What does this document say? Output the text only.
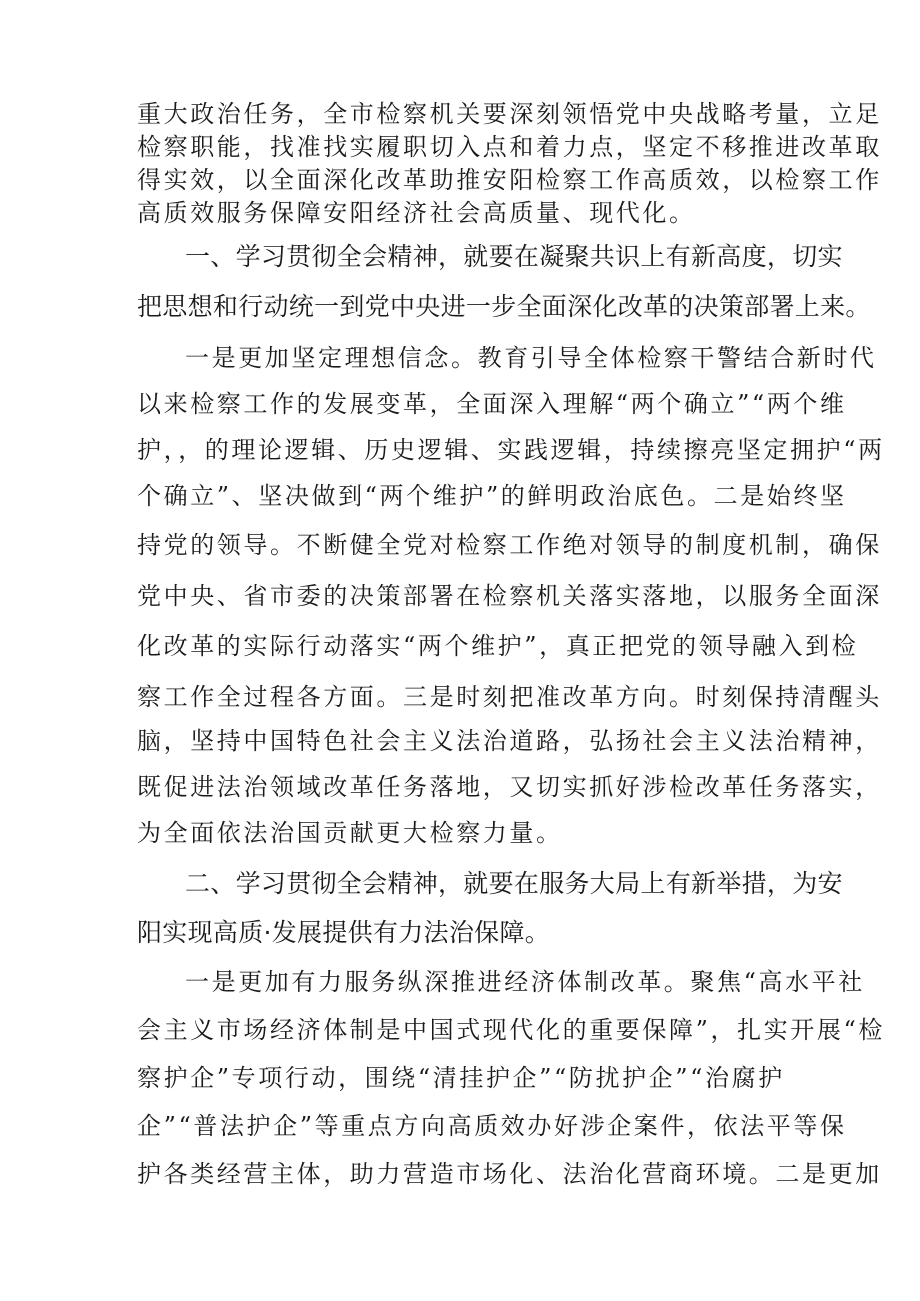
重大政治任务，全市检察机关要深刻领悟党中央战略考量，立足
检察职能，找准找实履职切入点和着力点，坚定不移推进改革取
得实效，以全面深化改革助推安阳检察工作高质效，以检察工作
高质效服务保障安阳经济社会高质量、现代化。
一、学习贯彻全会精神，就要在凝聚共识上有新高度，切实
把思想和行动统一到党中央进一步全面深化改革的决策部署上来。
一是更加坚定理想信念。教育引导全体检察干警结合新时代
以来检察工作的发展变革，全面深入理解“两个确立”“两个维
护，，的理论逻辑、历史逻辑、实践逻辑，持续擦亮坚定拥护“两
个确立”、坚决做到“两个维护”的鲜明政治底色。二是始终坚
持党的领导。不断健全党对检察工作绝对领导的制度机制，确保
党中央、省市委的决策部署在检察机关落实落地，以服务全面深
化改革的实际行动落实“两个维护”，真正把党的领导融入到检
察工作全过程各方面。三是时刻把准改革方向。时刻保持清醒头
脑，坚持中国特色社会主义法治道路，弘扬社会主义法治精神，
既促进法治领域改革任务落地，又切实抓好涉检改革任务落实，
为全面依法治国贡献更大检察力量。
二、学习贯彻全会精神，就要在服务大局上有新举措，为安
阳实现高质·发展提供有力法治保障。
一是更加有力服务纵深推进经济体制改革。聚焦“高水平社
会主义市场经济体制是中国式现代化的重要保障”，扎实开展“检
察护企”专项行动，围绕“清挂护企”“防扰护企”“治腐护
企”“普法护企”等重点方向高质效办好涉企案件，依法平等保
护各类经营主体，助力营造市场化、法治化营商环境。二是更加
